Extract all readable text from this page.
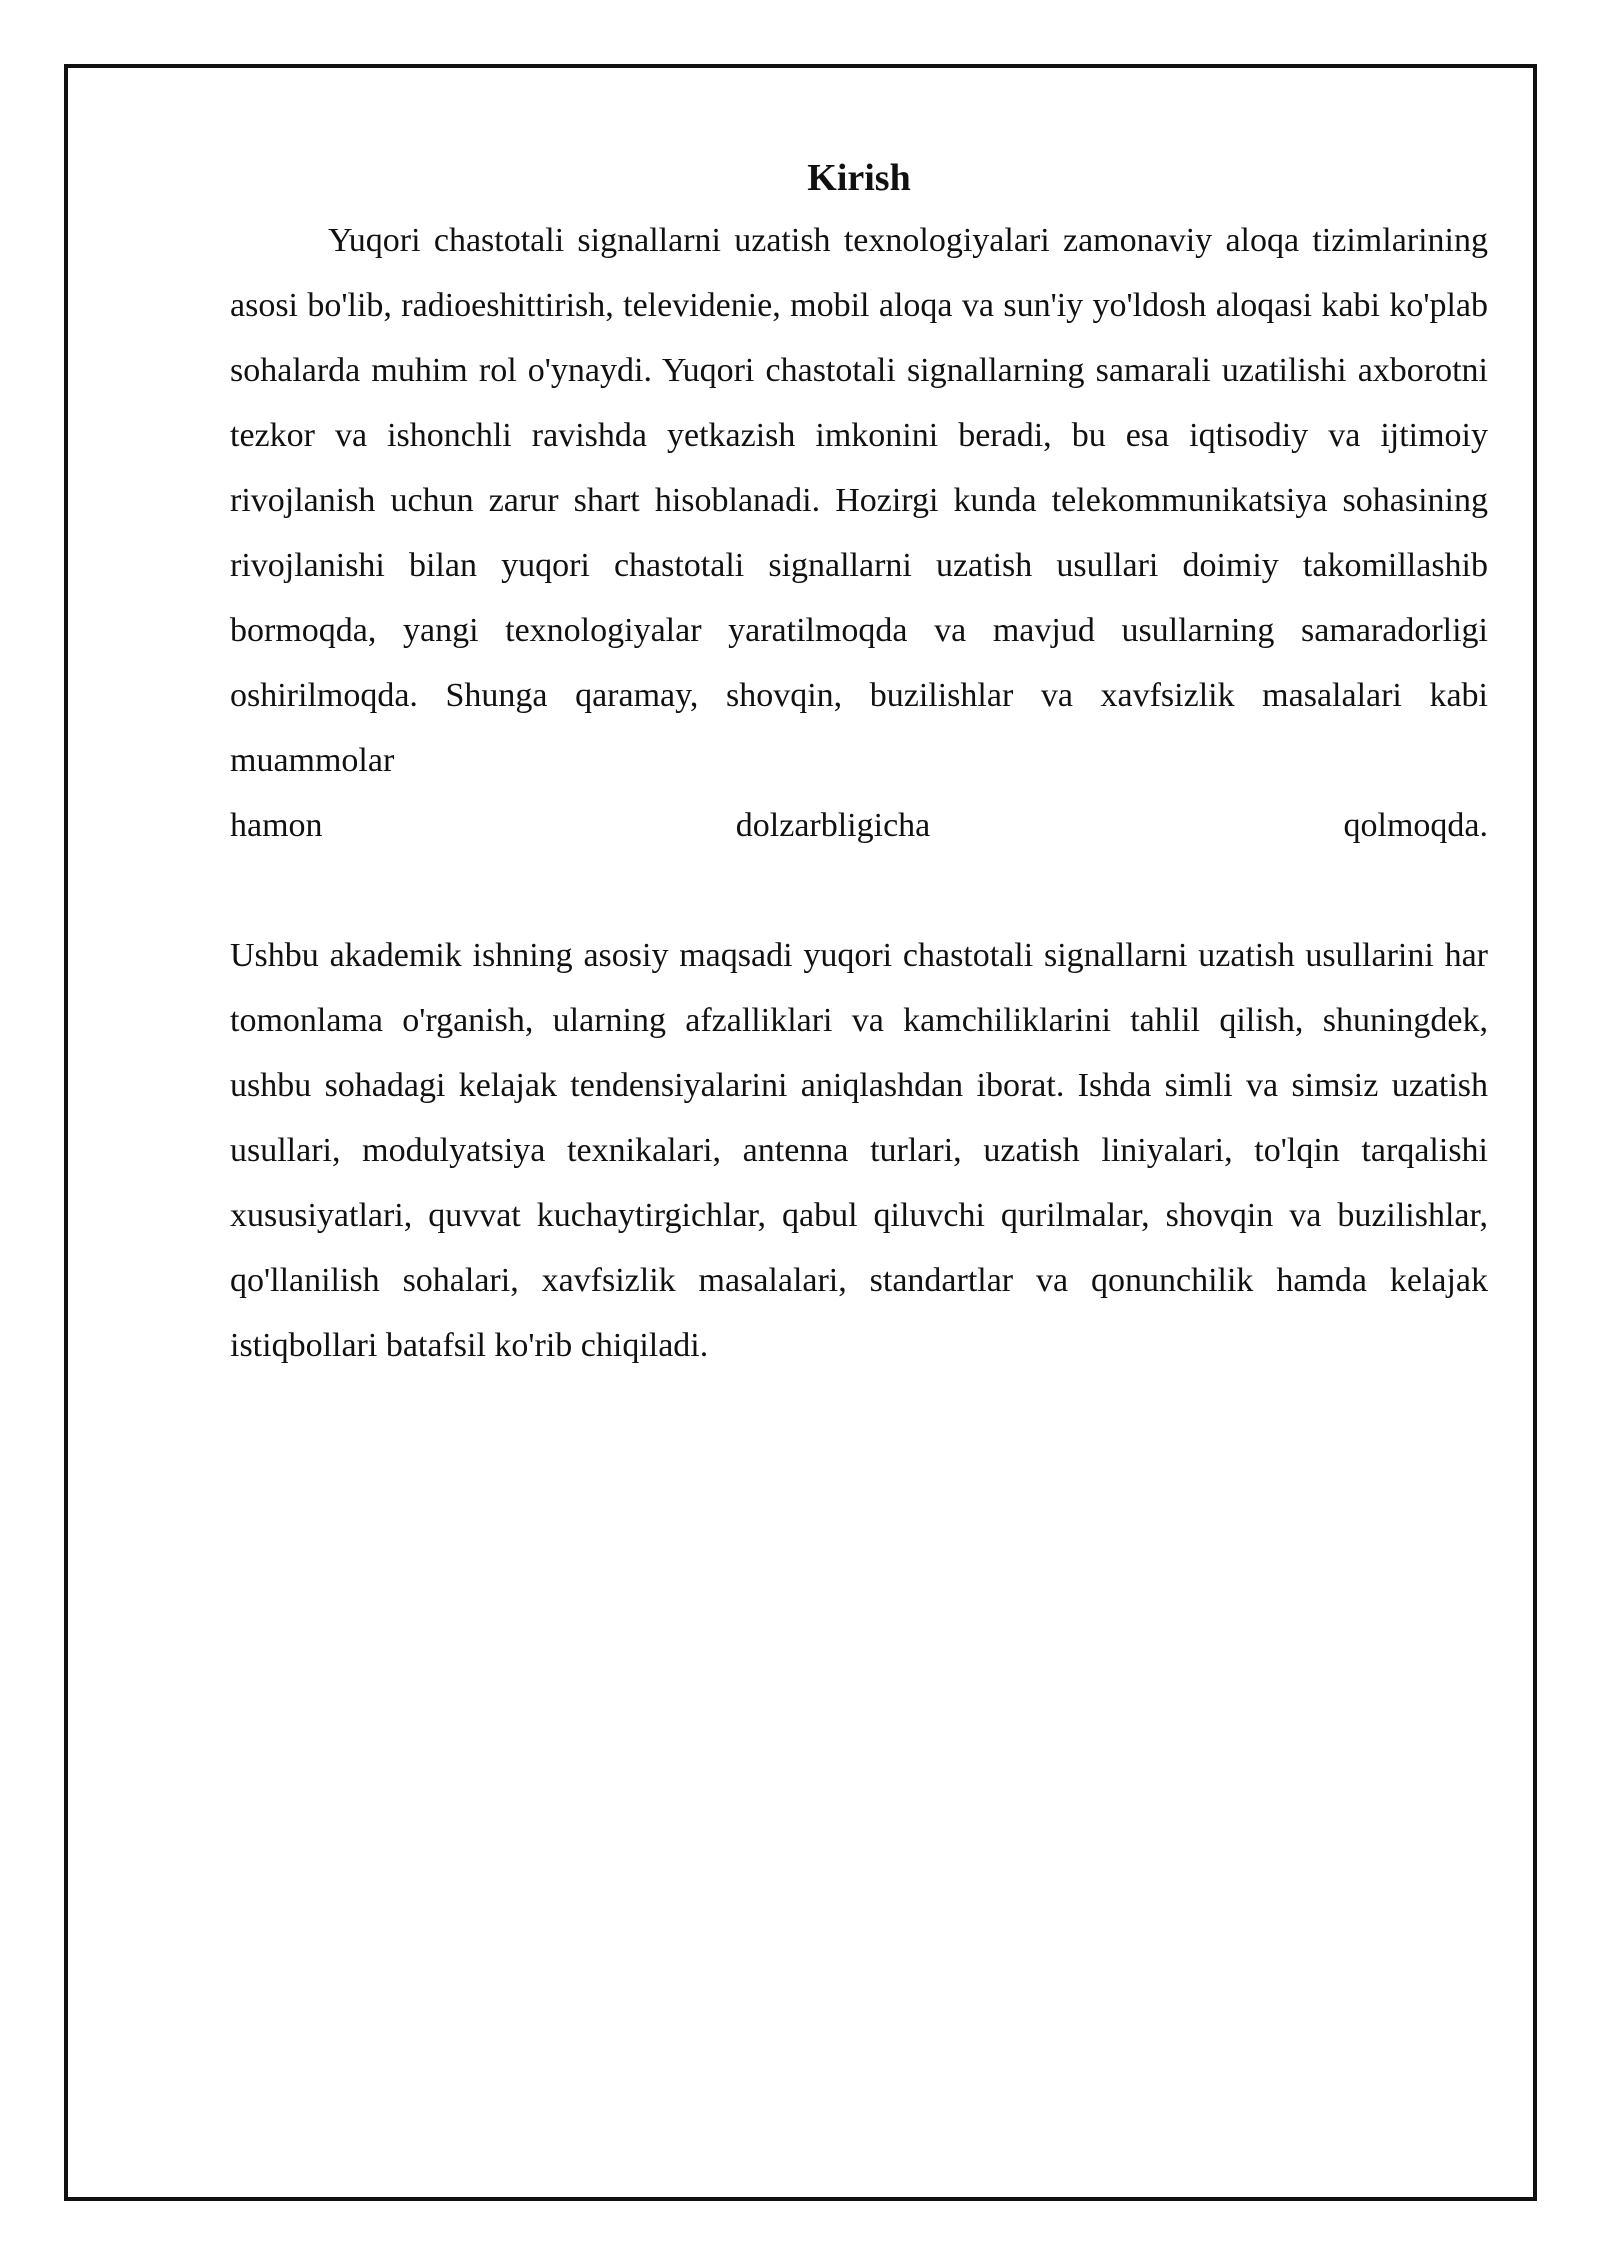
Kirish

Yuqori chastotali signallarni uzatish texnologiyalari zamonaviy aloqa tizimlarining asosi bo'lib, radioeshittirish, televidenie, mobil aloqa va sun'iy yo'ldosh aloqasi kabi ko'plab sohalarda muhim rol o'ynaydi. Yuqori chastotali signallarning samarali uzatilishi axborotni tezkor va ishonchli ravishda yetkazish imkonini beradi, bu esa iqtisodiy va ijtimoiy rivojlanish uchun zarur shart hisoblanadi. Hozirgi kunda telekommunikatsiya sohasining rivojlanishi bilan yuqori chastotali signallarni uzatish usullari doimiy takomillashib bormoqda, yangi texnologiyalar yaratilmoqda va mavjud usullarning samaradorligi oshirilmoqda. Shunga qaramay, shovqin, buzilishlar va xavfsizlik masalalari kabi muammolar

hamon dolzarbligicha qolmoqda.

Ushbu akademik ishning asosiy maqsadi yuqori chastotali signallarni uzatish usullarini har tomonlama o'rganish, ularning afzalliklari va kamchiliklarini tahlil qilish, shuningdek, ushbu sohadagi kelajak tendensiyalarini aniqlashdan iborat. Ishda simli va simsiz uzatish usullari, modulyatsiya texnikalari, antenna turlari, uzatish liniyalari, to'lqin tarqalishi xususiyatlari, quvvat kuchaytirgichlar, qabul qiluvchi qurilmalar, shovqin va buzilishlar, qo'llanilish sohalari, xavfsizlik masalalari, standartlar va qonunchilik hamda kelajak istiqbollari batafsil ko'rib chiqiladi.
